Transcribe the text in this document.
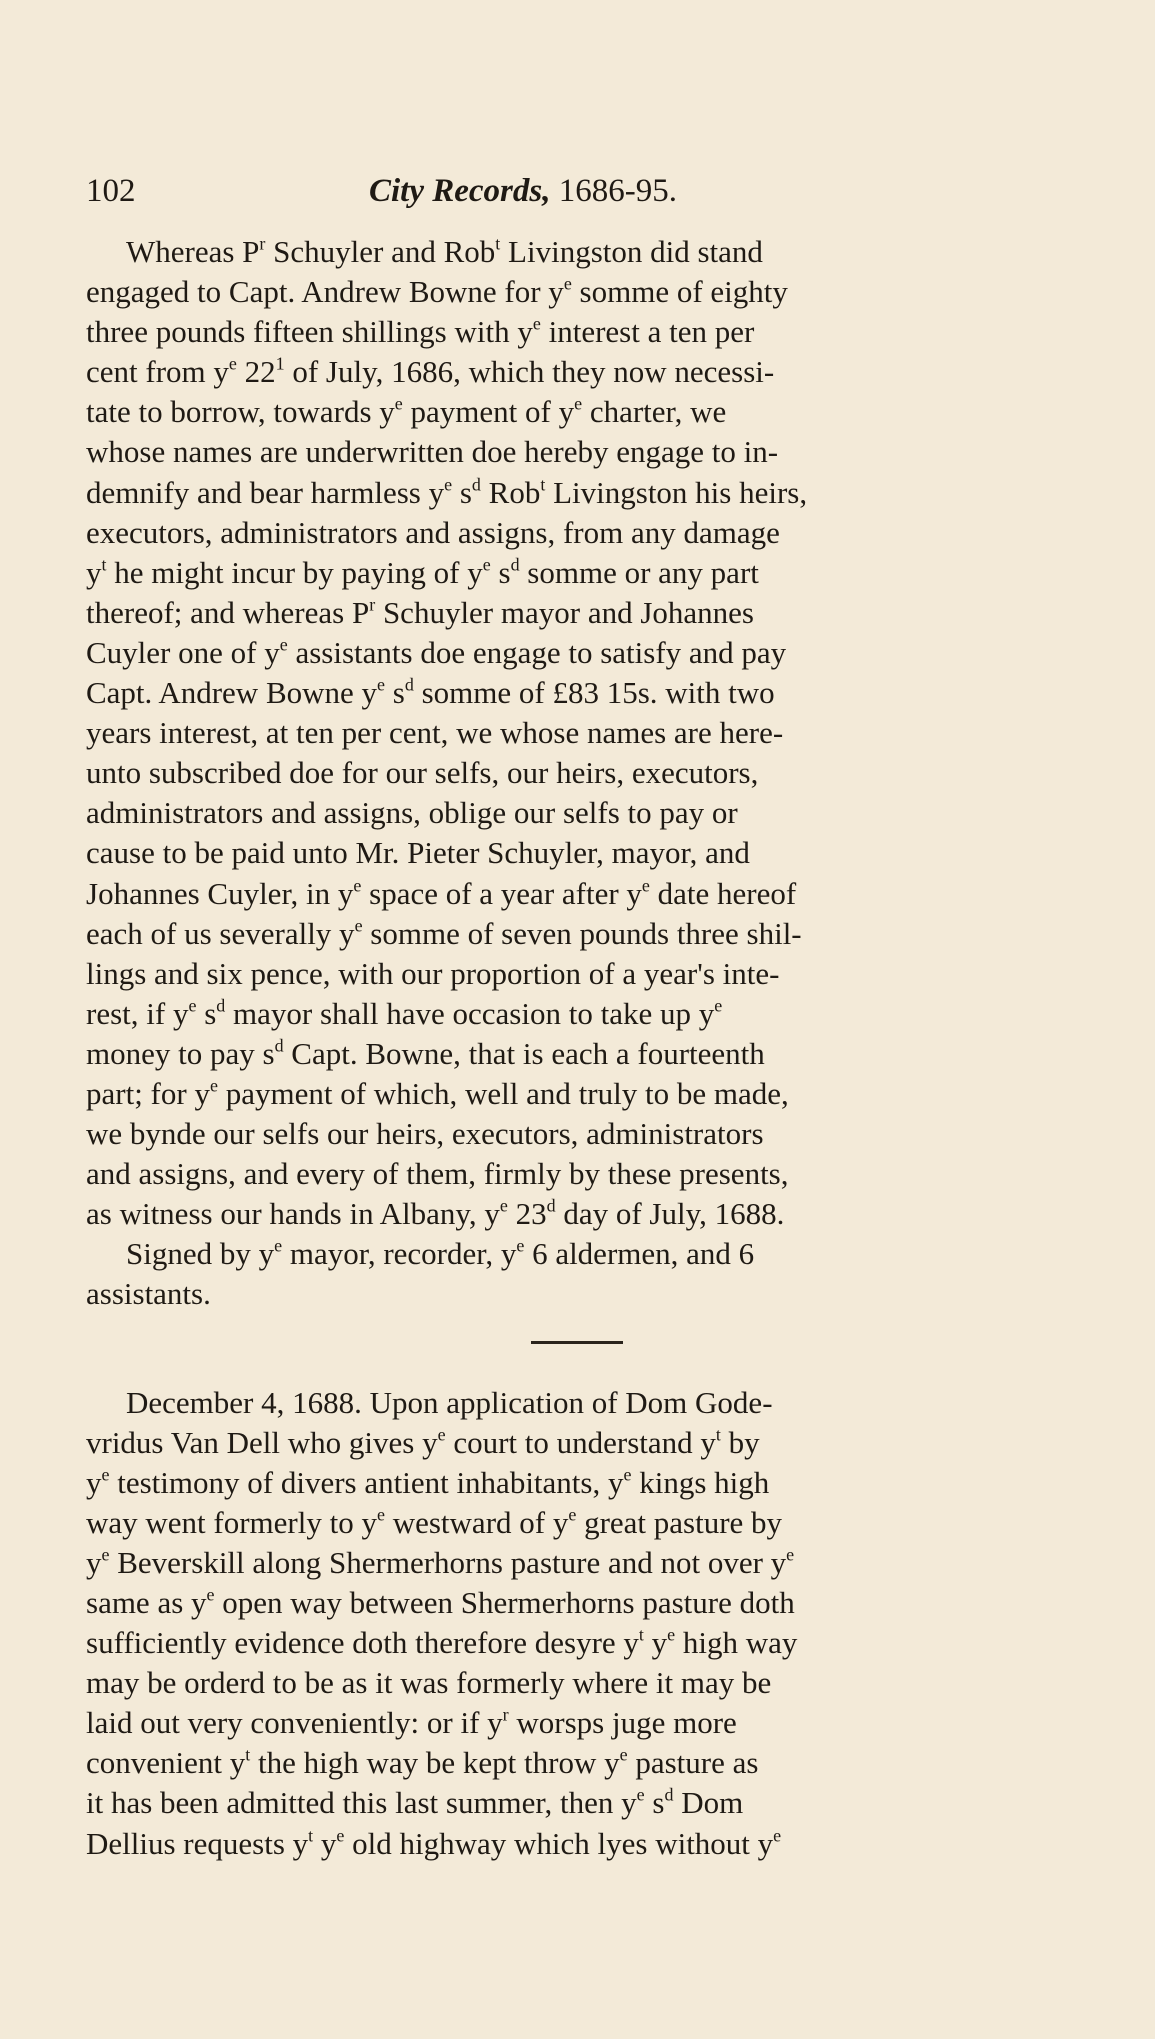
102	City Records, 1686-95.
Whereas $P^r$ Schuyler and Rob$^t$ Livingston did stand
engaged to Capt. Andrew Bowne for $y^e$ somme of eighty
three pounds fifteen shillings with $y^e$ interest a ten per
cent from $y^e$ $22^1$ of July, 1686, which they now necessi-
tate to borrow, towards $y^e$ payment of $y^e$ charter, we
whose names are underwritten doe hereby engage to in-
demnify and bear harmless $y^e$ $s^d$ Rob$^t$ Livingston his heirs,
executors, administrators and assigns, from any damage
$y^t$ he might incur by paying of $y^e$ $s^d$ somme or any part
thereof; and whereas $P^r$ Schuyler mayor and Johannes
Cuyler one of $y^e$ assistants doe engage to satisfy and pay
Capt. Andrew Bowne $y^e$ $s^d$ somme of £83 15s. with two
years interest, at ten per cent, we whose names are here-
unto subscribed doe for our selfs, our heirs, executors,
administrators and assigns, oblige our selfs to pay or
cause to be paid unto Mr. Pieter Schuyler, mayor, and
Johannes Cuyler, in $y^e$ space of a year after $y^e$ date hereof
each of us severally $y^e$ somme of seven pounds three shil-
lings and six pence, with our proportion of a year's inte-
rest, if $y^e$ $s^d$ mayor shall have occasion to take up $y^e$
money to pay $s^d$ Capt. Bowne, that is each a fourteenth
part; for $y^e$ payment of which, well and truly to be made,
we bynde our selfs our heirs, executors, administrators
and assigns, and every of them, firmly by these presents,
as witness our hands in Albany, $y^e$ 23$^d$ day of July, 1688.
Signed by $y^e$ mayor, recorder, $y^e$ 6 aldermen, and 6
assistants.
December 4, 1688. Upon application of Dom Gode-
vridus Van Dell who gives $y^e$ court to understand $y^t$ by
$y^e$ testimony of divers antient inhabitants, $y^e$ kings high
way went formerly to $y^e$ westward of $y^e$ great pasture by
$y^e$ Beverskill along Shermerhorns pasture and not over $y^e$
same as $y^e$ open way between Shermerhorns pasture doth
sufficiently evidence doth therefore desyre $y^t$ $y^e$ high way
may be orderd to be as it was formerly where it may be
laid out very conveniently: or if $y^r$ worsps juge more
convenient $y^t$ the high way be kept throw $y^e$ pasture as
it has been admitted this last summer, then $y^e$ $s^d$ Dom
Dellius requests $y^t$ $y^e$ old highway which lyes without $y^e$
